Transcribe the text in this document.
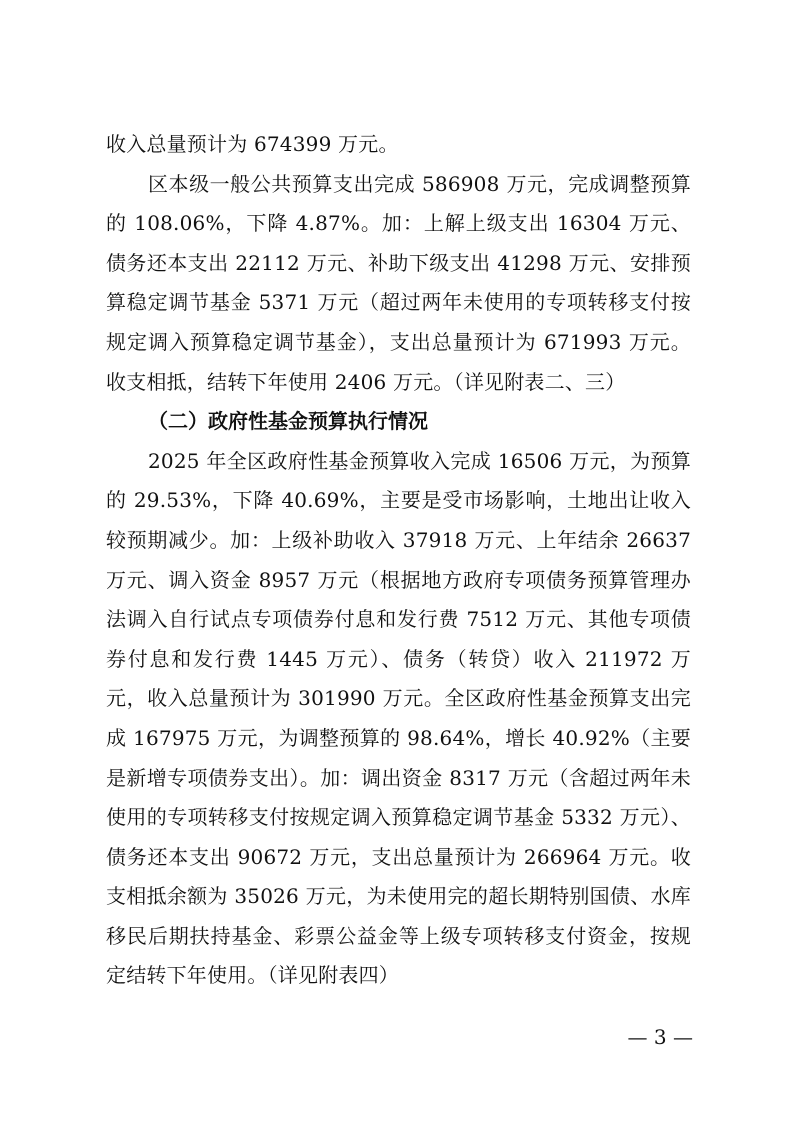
收入总量预计为 674399 万元。

区本级一般公共预算支出完成 586908 万元，完成调整预算的 108.06%，下降 4.87%。加：上解上级支出 16304 万元、债务还本支出 22112 万元、补助下级支出 41298 万元、安排预算稳定调节基金 5371 万元（超过两年未使用的专项转移支付按规定调入预算稳定调节基金），支出总量预计为 671993 万元。收支相抵，结转下年使用 2406 万元。（详见附表二、三）

（二）政府性基金预算执行情况

2025 年全区政府性基金预算收入完成 16506 万元，为预算的 29.53%，下降 40.69%，主要是受市场影响，土地出让收入较预期减少。加：上级补助收入 37918 万元、上年结余 26637 万元、调入资金 8957 万元（根据地方政府专项债务预算管理办法调入自行试点专项债券付息和发行费 7512 万元、其他专项债券付息和发行费 1445 万元）、债务（转贷）收入 211972 万元，收入总量预计为 301990 万元。全区政府性基金预算支出完成 167975 万元，为调整预算的 98.64%，增长 40.92%（主要是新增专项债券支出）。加：调出资金 8317 万元（含超过两年未使用的专项转移支付按规定调入预算稳定调节基金 5332 万元）、债务还本支出 90672 万元，支出总量预计为 266964 万元。收支相抵余额为 35026 万元，为未使用完的超长期特别国债、水库移民后期扶持基金、彩票公益金等上级专项转移支付资金，按规定结转下年使用。（详见附表四）

— 3 —
